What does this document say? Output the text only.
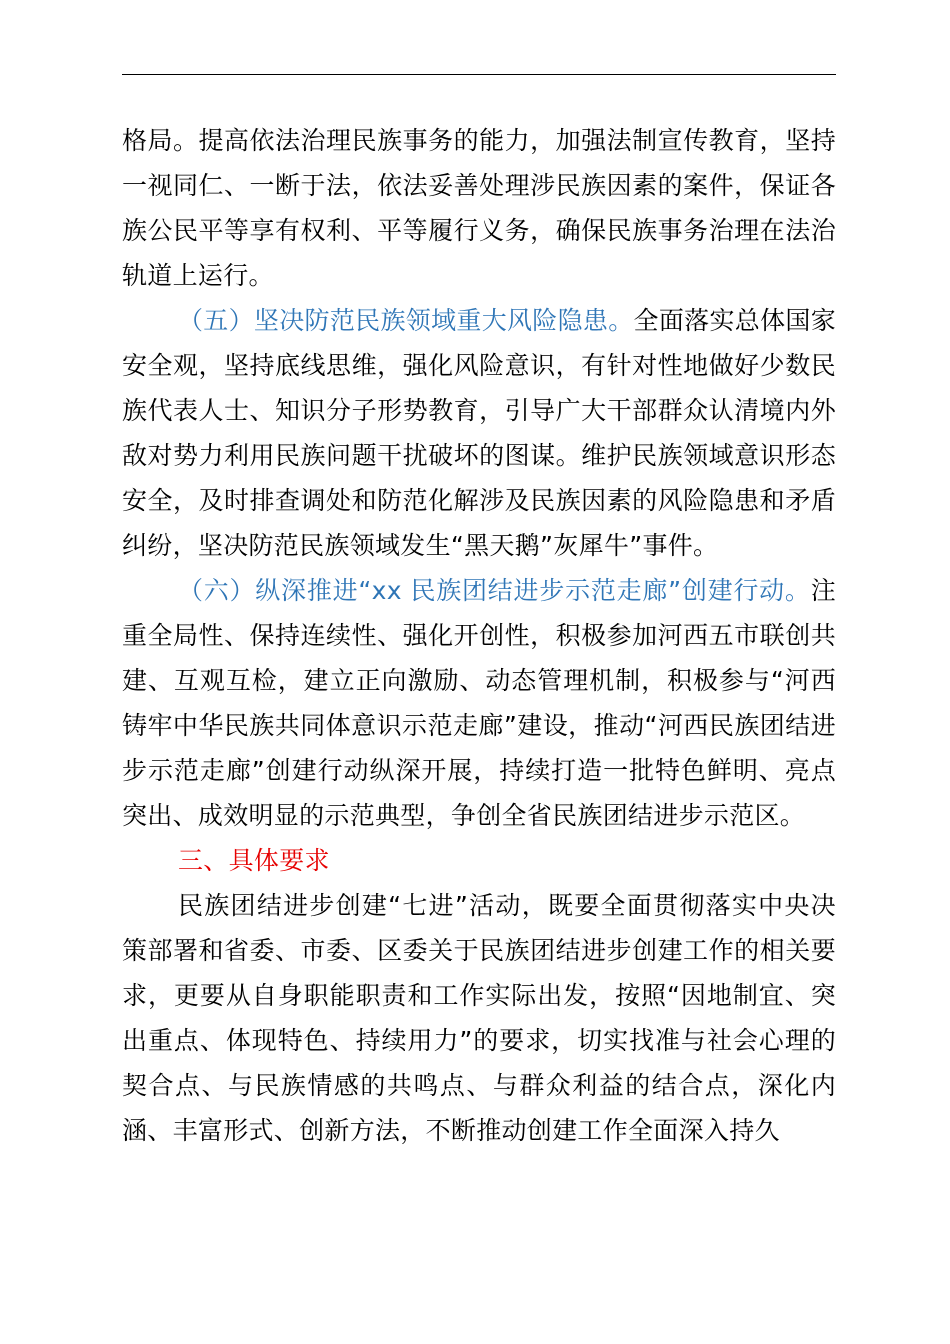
格局。提高依法治理民族事务的能力，加强法制宣传教育，坚持一视同仁、一断于法，依法妥善处理涉民族因素的案件，保证各族公民平等享有权利、平等履行义务，确保民族事务治理在法治轨道上运行。

（五）坚决防范民族领域重大风险隐患。全面落实总体国家安全观，坚持底线思维，强化风险意识，有针对性地做好少数民族代表人士、知识分子形势教育，引导广大干部群众认清境内外敌对势力利用民族问题干扰破坏的图谋。维护民族领域意识形态安全，及时排查调处和防范化解涉及民族因素的风险隐患和矛盾纠纷，坚决防范民族领域发生“黑天鹅”灰犀牛”事件。

（六）纵深推进“xx 民族团结进步示范走廊”创建行动。注重全局性、保持连续性、强化开创性，积极参加河西五市联创共建、互观互检，建立正向激励、动态管理机制，积极参与“河西铸牢中华民族共同体意识示范走廊”建设，推动“河西民族团结进步示范走廊”创建行动纵深开展，持续打造一批特色鲜明、亮点突出、成效明显的示范典型，争创全省民族团结进步示范区。

三、具体要求

民族团结进步创建“七进”活动，既要全面贯彻落实中央决策部署和省委、市委、区委关于民族团结进步创建工作的相关要求，更要从自身职能职责和工作实际出发，按照“因地制宜、突出重点、体现特色、持续用力”的要求，切实找准与社会心理的契合点、与民族情感的共鸣点、与群众利益的结合点，深化内涵、丰富形式、创新方法，不断推动创建工作全面深入持久
